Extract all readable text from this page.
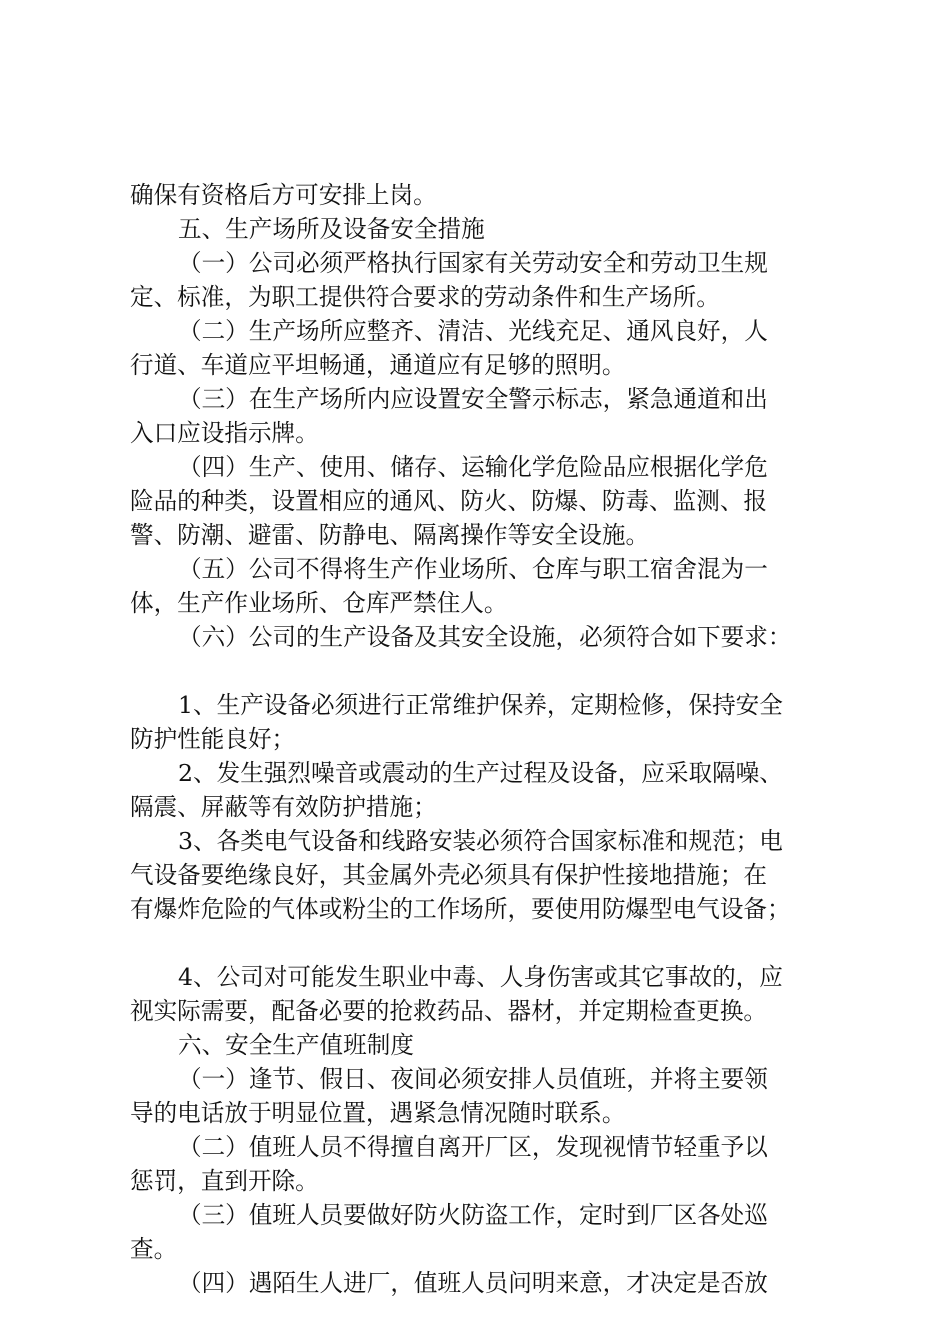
确保有资格后方可安排上岗。
五、生产场所及设备安全措施
（一）公司必须严格执行国家有关劳动安全和劳动卫生规
定、标准，为职工提供符合要求的劳动条件和生产场所。
（二）生产场所应整齐、清洁、光线充足、通风良好，人
行道、车道应平坦畅通，通道应有足够的照明。
（三）在生产场所内应设置安全警示标志，紧急通道和出
入口应设指示牌。
（四）生产、使用、储存、运输化学危险品应根据化学危
险品的种类，设置相应的通风、防火、防爆、防毒、监测、报
警、防潮、避雷、防静电、隔离操作等安全设施。
（五）公司不得将生产作业场所、仓库与职工宿舍混为一
体，生产作业场所、仓库严禁住人。
（六）公司的生产设备及其安全设施，必须符合如下要求：
1、生产设备必须进行正常维护保养，定期检修，保持安全
防护性能良好；
2、发生强烈噪音或震动的生产过程及设备，应采取隔噪、
隔震、屏蔽等有效防护措施；
3、各类电气设备和线路安装必须符合国家标准和规范；电
气设备要绝缘良好，其金属外壳必须具有保护性接地措施；在
有爆炸危险的气体或粉尘的工作场所，要使用防爆型电气设备；
4、公司对可能发生职业中毒、人身伤害或其它事故的，应
视实际需要，配备必要的抢救药品、器材，并定期检查更换。
六、安全生产值班制度
（一）逢节、假日、夜间必须安排人员值班，并将主要领
导的电话放于明显位置，遇紧急情况随时联系。
（二）值班人员不得擅自离开厂区，发现视情节轻重予以
惩罚，直到开除。
（三）值班人员要做好防火防盗工作，定时到厂区各处巡
查。
（四）遇陌生人进厂，值班人员问明来意，才决定是否放
